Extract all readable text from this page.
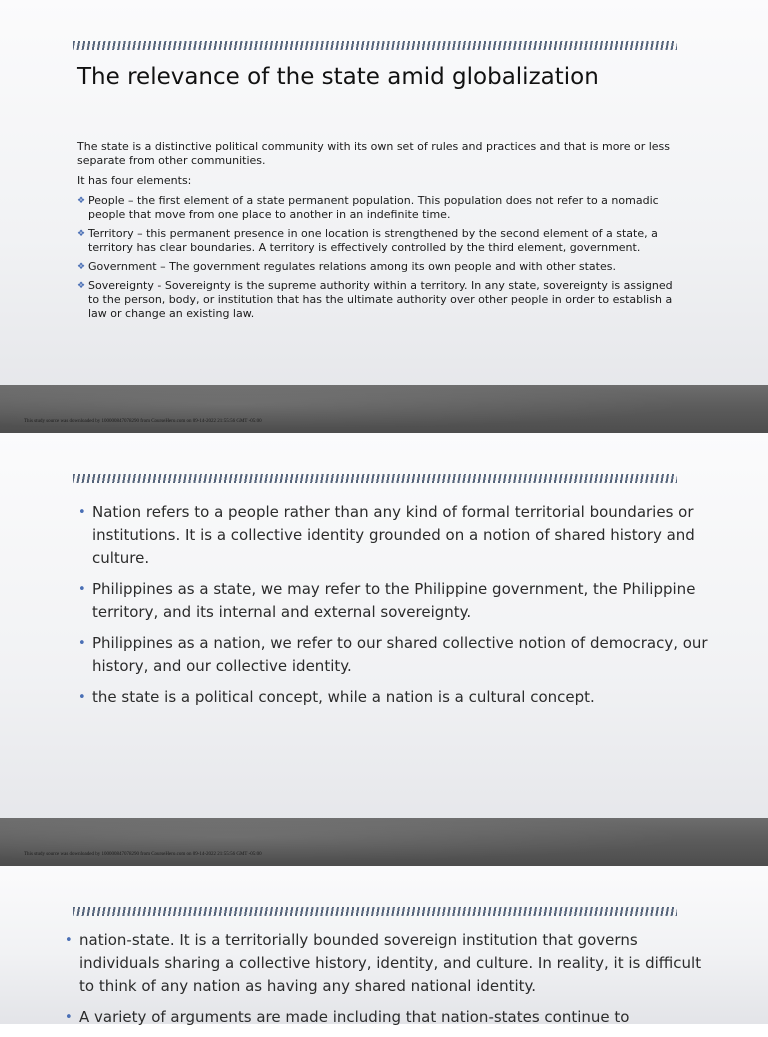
The relevance of the state amid globalization

The state is a distinctive political community with its own set of rules and practices and that is more or less separate from other communities.

It has four elements:

❖ People – the first element of a state permanent population. This population does not refer to a nomadic people that move from one place to another in an indefinite time.
❖ Territory – this permanent presence in one location is strengthened by the second element of a state, a territory has clear boundaries. A territory is effectively controlled by the third element, government.
❖ Government – The government regulates relations among its own people and with other states.
❖ Sovereignty - Sovereignty is the supreme authority within a territory. In any state, sovereignty is assigned to the person, body, or institution that has the ultimate authority over other people in order to establish a law or change an existing law.
This study source was downloaded by 100000847078290 from CourseHero.com on 09-14-2022 21:55:56 GMT -05:00
This study source was downloaded by 100000847078290 from CourseHero.com on 09-14-2022 21:55:56 GMT -05:00
• Nation refers to a people rather than any kind of formal territorial boundaries or institutions. It is a collective identity grounded on a notion of shared history and culture.
• Philippines as a state, we may refer to the Philippine government, the Philippine territory, and its internal and external sovereignty.
• Philippines as a nation, we refer to our shared collective notion of democracy, our history, and our collective identity.
• the state is a political concept, while a nation is a cultural concept.
• nation-state. It is a territorially bounded sovereign institution that governs individuals sharing a collective history, identity, and culture. In reality, it is difficult to think of any nation as having any shared national identity.
• A variety of arguments are made including that nation-states continue to
